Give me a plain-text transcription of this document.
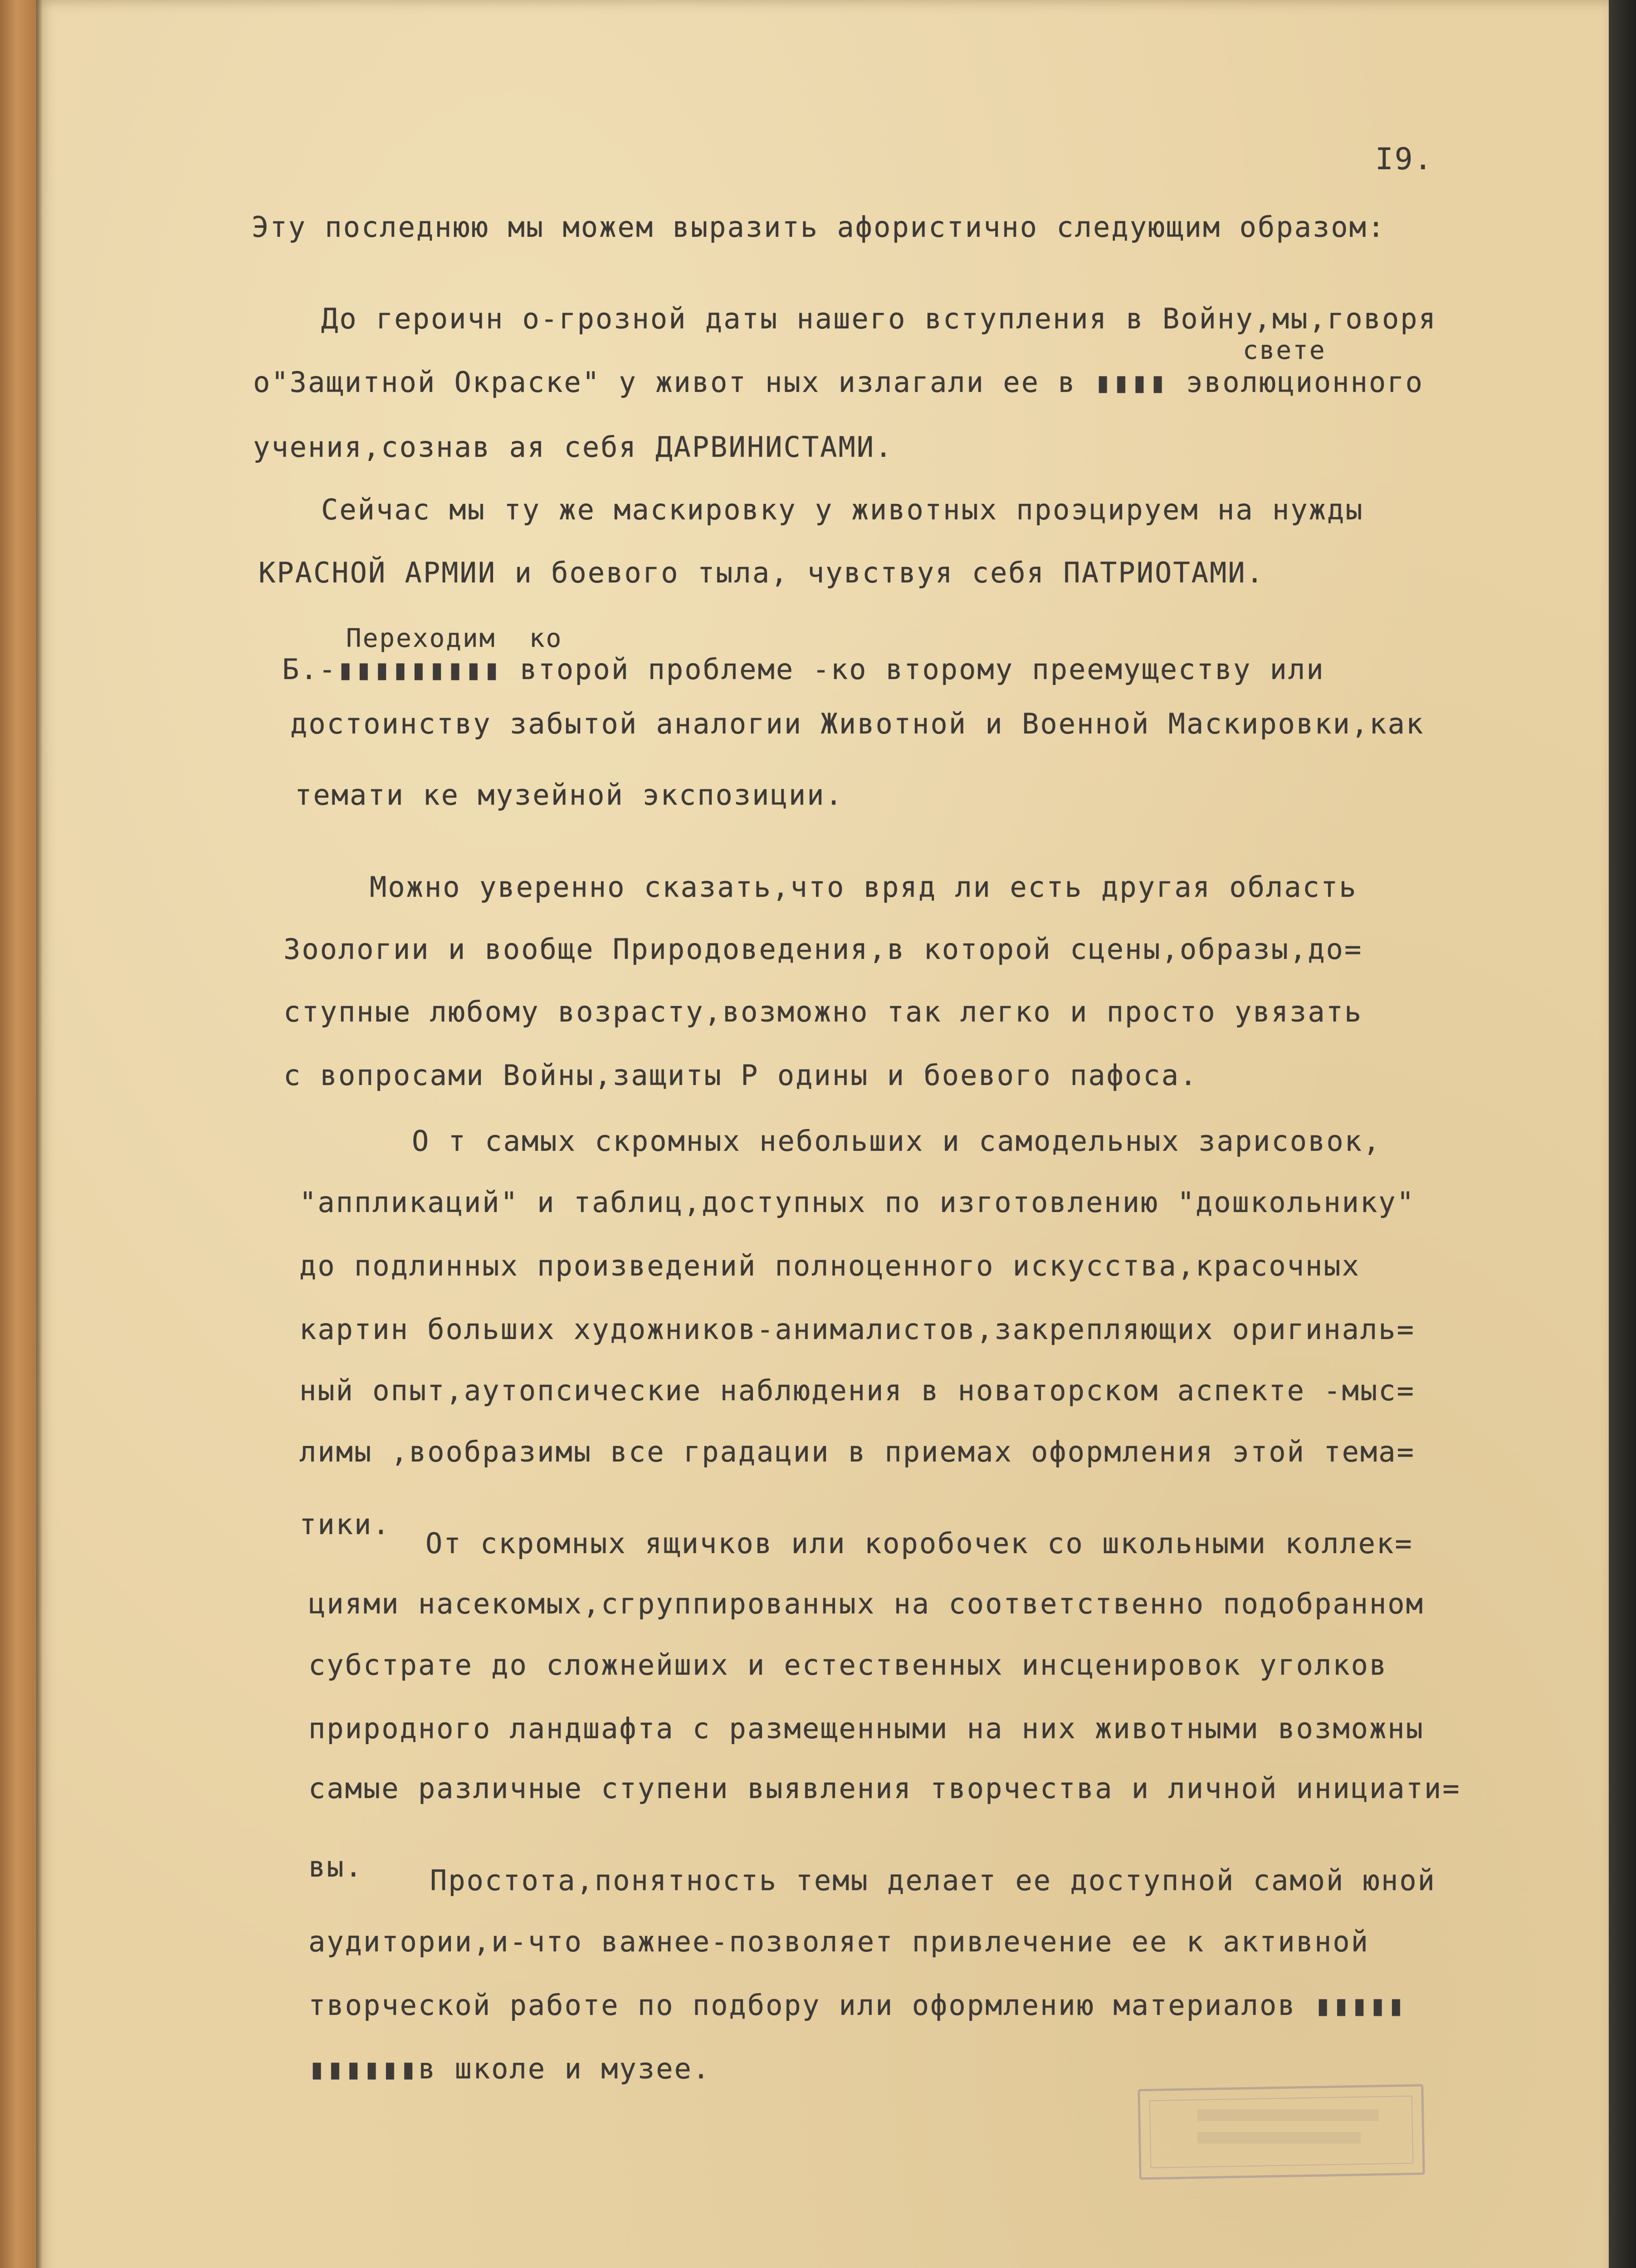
I9.
Эту последнюю мы можем выразить афористично следующим образом:
До героичн о-грозной даты нашего вступления в Войну,мы,говоря
свете
о"Защитной Окраске" у живот ных излагали ее в ▮▮▮▮ эволюционного
учения,сознав ая себя ДАРВИНИСТАМИ.
Сейчас мы ту же маскировку у животных проэцируем на нужды
КРАСНОЙ АРМИИ и боевого тыла, чувствуя себя ПАТРИОТАМИ.
Переходим  ко
Б.-▮▮▮▮▮▮▮▮▮ второй проблеме -ко второму преемуществу или
достоинству забытой аналогии Животной и Военной Маскировки,как
темати ке музейной экспозиции.
Можно уверенно сказать,что вряд ли есть другая область
Зоологии и вообще Природоведения,в которой сцены,образы,до=
ступные любому возрасту,возможно так легко и просто увязать
с вопросами Войны,защиты Р одины и боевого пафоса.
О т самых скромных небольших и самодельных зарисовок,
"аппликаций" и таблиц,доступных по изготовлению "дошкольнику"
до подлинных произведений полноценного искусства,красочных
картин больших художников-анималистов,закрепляющих оригиналь=
ный опыт,аутопсические наблюдения в новаторском аспекте -мыс=
лимы ,вообразимы все градации в приемах оформления этой тема=
тики.
От скромных ящичков или коробочек со школьными коллек=
циями насекомых,сгруппированных на соответственно подобранном
субстрате до сложнейших и естественных инсценировок уголков
природного ландшафта с размещенными на них животными возможны
самые различные ступени выявления творчества и личной инициати=
вы. Простота,понятность темы делает ее доступной самой юной
аудитории,и-что важнее-позволяет привлечение ее к активной
творческой работе по подбору или оформлению материалов ▮▮▮▮▮
▮▮▮▮▮▮в школе и музее.
